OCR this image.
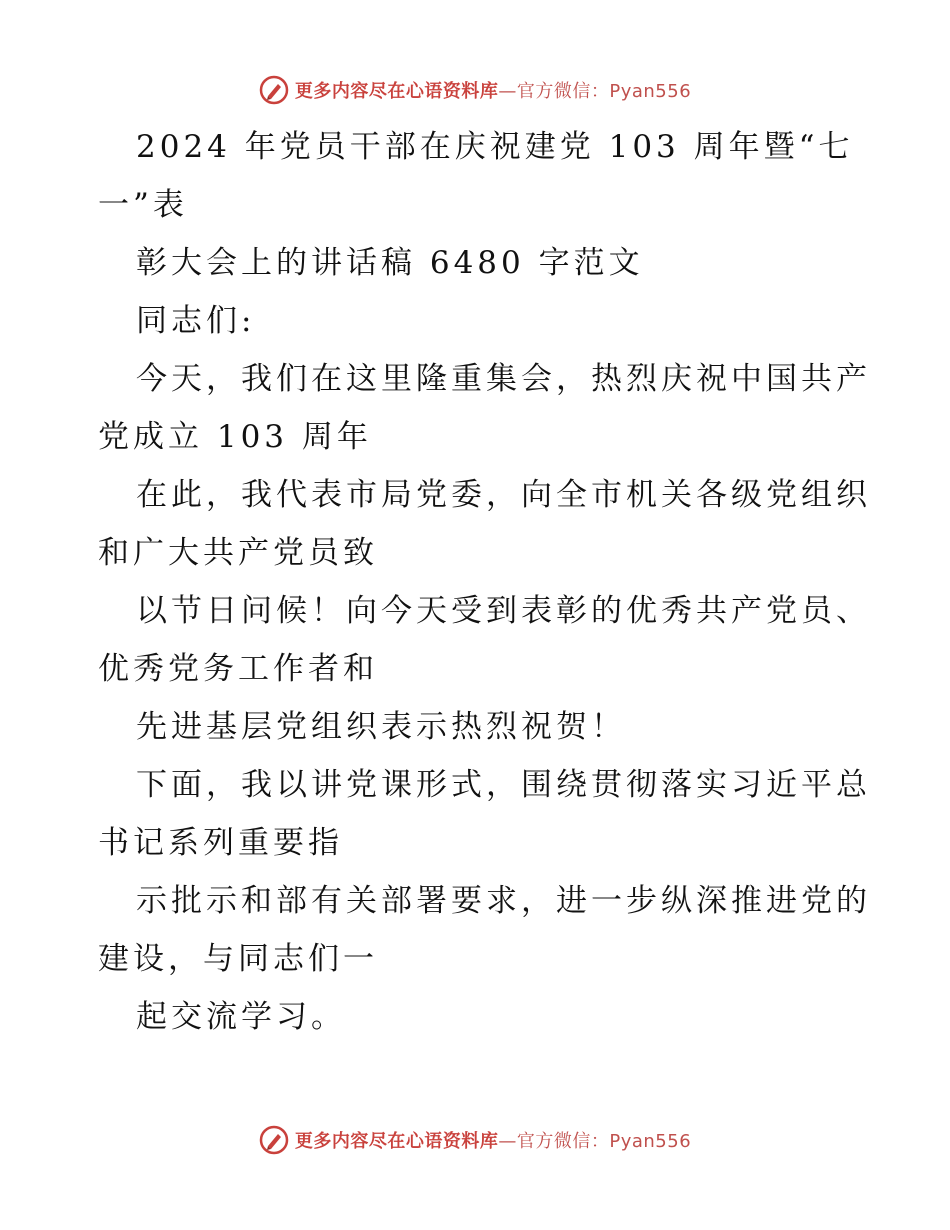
更多内容尽在心语资料库—官方微信：Pyan556
2024 年党员干部在庆祝建党 103 周年暨“七
一”表
彰大会上的讲话稿 6480 字范文
同志们:
今天，我们在这里隆重集会，热烈庆祝中国共产
党成立 103 周年
在此，我代表市局党委，向全市机关各级党组织
和广大共产党员致
以节日问候！向今天受到表彰的优秀共产党员、
优秀党务工作者和
先进基层党组织表示热烈祝贺！
下面，我以讲党课形式，围绕贯彻落实习近平总
书记系列重要指
示批示和部有关部署要求，进一步纵深推进党的
建设，与同志们一
起交流学习。
更多内容尽在心语资料库—官方微信：Pyan556
